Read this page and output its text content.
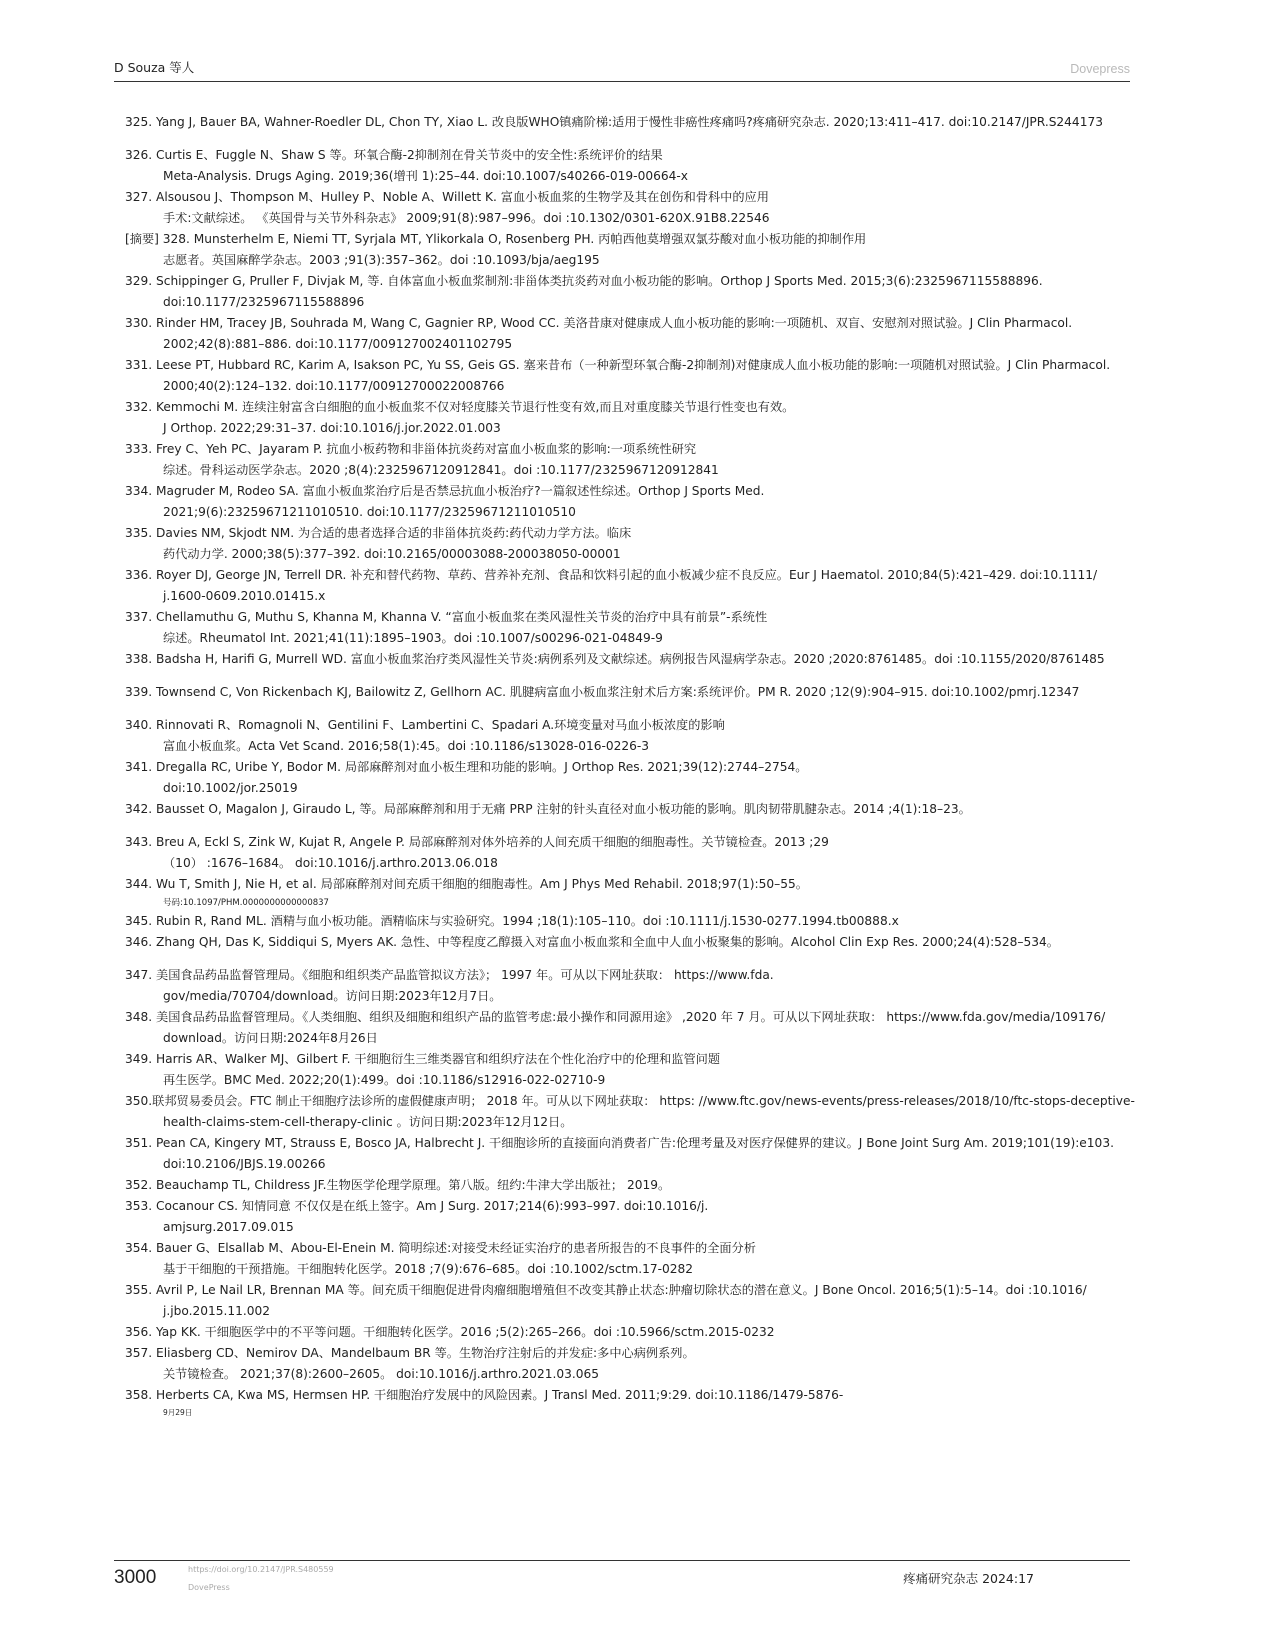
D Souza 等人	Dovepress
325. Yang J, Bauer BA, Wahner-Roedler DL, Chon TY, Xiao L. 改良版WHO镇痛阶梯:适用于慢性非癌性疼痛吗?疼痛研究杂志. 2020;13:411–417. doi:10.2147/JPR.S244173
326. Curtis E、Fuggle N、Shaw S 等。环氧合酶-2抑制剂在骨关节炎中的安全性:系统评价的结果
Meta-Analysis. Drugs Aging. 2019;36(增刊 1):25–44. doi:10.1007/s40266-019-00664-x
327. Alsousou J、Thompson M、Hulley P、Noble A、Willett K. 富血小板血浆的生物学及其在创伤和骨科中的应用
手术:文献综述。 《英国骨与关节外科杂志》 2009;91(8):987–996。doi :10.1302/0301-620X.91B8.22546
[摘要] 328. Munsterhelm E, Niemi TT, Syrjala MT, Ylikorkala O, Rosenberg PH. 丙帕西他莫增强双氯芬酸对血小板功能的抑制作用
志愿者。英国麻醉学杂志。2003 ;91(3):357–362。doi :10.1093/bja/aeg195
329. Schippinger G, Pruller F, Divjak M, 等. 自体富血小板血浆制剂:非甾体类抗炎药对血小板功能的影响。Orthop J Sports Med. 2015;3(6):2325967115588896.
doi:10.1177/2325967115588896
330. Rinder HM, Tracey JB, Souhrada M, Wang C, Gagnier RP, Wood CC. 美洛昔康对健康成人血小板功能的影响:一项随机、双盲、安慰剂对照试验。J Clin Pharmacol.
2002;42(8):881–886. doi:10.1177/009127002401102795
331. Leese PT, Hubbard RC, Karim A, Isakson PC, Yu SS, Geis GS. 塞来昔布（一种新型环氧合酶-2抑制剂)对健康成人血小板功能的影响:一项随机对照试验。J Clin Pharmacol.
2000;40(2):124–132. doi:10.1177/00912700022008766
332. Kemmochi M. 连续注射富含白细胞的血小板血浆不仅对轻度膝关节退行性变有效,而且对重度膝关节退行性变也有效。
J Orthop. 2022;29:31–37. doi:10.1016/j.jor.2022.01.003
333. Frey C、Yeh PC、Jayaram P. 抗血小板药物和非甾体抗炎药对富血小板血浆的影响:一项系统性研究
综述。骨科运动医学杂志。2020 ;8(4):2325967120912841。doi :10.1177/2325967120912841
334. Magruder M, Rodeo SA. 富血小板血浆治疗后是否禁忌抗血小板治疗?一篇叙述性综述。Orthop J Sports Med.
2021;9(6):23259671211010510. doi:10.1177/23259671211010510
335. Davies NM, Skjodt NM. 为合适的患者选择合适的非甾体抗炎药:药代动力学方法。临床
药代动力学. 2000;38(5):377–392. doi:10.2165/00003088-200038050-00001
336. Royer DJ, George JN, Terrell DR. 补充和替代药物、草药、营养补充剂、食品和饮料引起的血小板减少症不良反应。Eur J Haematol. 2010;84(5):421–429. doi:10.1111/
j.1600-0609.2010.01415.x
337. Chellamuthu G, Muthu S, Khanna M, Khanna V. “富血小板血浆在类风湿性关节炎的治疗中具有前景”-系统性
综述。Rheumatol Int. 2021;41(11):1895–1903。doi :10.1007/s00296-021-04849-9
338. Badsha H, Harifi G, Murrell WD. 富血小板血浆治疗类风湿性关节炎:病例系列及文献综述。病例报告风湿病学杂志。2020 ;2020:8761485。doi :10.1155/2020/8761485
339. Townsend C, Von Rickenbach KJ, Bailowitz Z, Gellhorn AC. 肌腱病富血小板血浆注射术后方案:系统评价。PM R. 2020 ;12(9):904–915. doi:10.1002/pmrj.12347
340. Rinnovati R、Romagnoli N、Gentilini F、Lambertini C、Spadari A.环境变量对马血小板浓度的影响
富血小板血浆。Acta Vet Scand. 2016;58(1):45。doi :10.1186/s13028-016-0226-3
341. Dregalla RC, Uribe Y, Bodor M. 局部麻醉剂对血小板生理和功能的影响。J Orthop Res. 2021;39(12):2744–2754。
doi:10.1002/jor.25019
342. Bausset O, Magalon J, Giraudo L, 等。局部麻醉剂和用于无痛 PRP 注射的针头直径对血小板功能的影响。肌肉韧带肌腱杂志。2014 ;4(1):18–23。
343. Breu A, Eckl S, Zink W, Kujat R, Angele P. 局部麻醉剂对体外培养的人间充质干细胞的细胞毒性。关节镜检查。2013 ;29
（10） :1676–1684。 doi:10.1016/j.arthro.2013.06.018
344. Wu T, Smith J, Nie H, et al. 局部麻醉剂对间充质干细胞的细胞毒性。Am J Phys Med Rehabil. 2018;97(1):50–55。
号码:10.1097/PHM.0000000000000837
345. Rubin R, Rand ML. 酒精与血小板功能。酒精临床与实验研究。1994 ;18(1):105–110。doi :10.1111/j.1530-0277.1994.tb00888.x
346. Zhang QH, Das K, Siddiqui S, Myers AK. 急性、中等程度乙醇摄入对富血小板血浆和全血中人血小板聚集的影响。Alcohol Clin Exp Res. 2000;24(4):528–534。
347. 美国食品药品监督管理局。《细胞和组织类产品监管拟议方法》； 1997 年。可从以下网址获取： https://www.fda.
gov/media/70704/download。访问日期:2023年12月7日。
348. 美国食品药品监督管理局。《人类细胞、组织及细胞和组织产品的监管考虑:最小操作和同源用途》 ,2020 年 7 月。可从以下网址获取： https://www.fda.gov/media/109176/
download。访问日期:2024年8月26日
349. Harris AR、Walker MJ、Gilbert F. 干细胞衍生三维类器官和组织疗法在个性化治疗中的伦理和监管问题
再生医学。BMC Med. 2022;20(1):499。doi :10.1186/s12916-022-02710-9
350.联邦贸易委员会。FTC 制止干细胞疗法诊所的虚假健康声明； 2018 年。可从以下网址获取： https: //www.ftc.gov/news-events/press-releases/2018/10/ftc-stops-deceptive-
health-claims-stem-cell-therapy-clinic 。访问日期:2023年12月12日。
351. Pean CA, Kingery MT, Strauss E, Bosco JA, Halbrecht J. 干细胞诊所的直接面向消费者广告:伦理考量及对医疗保健界的建议。J Bone Joint Surg Am. 2019;101(19):e103.
doi:10.2106/JBJS.19.00266
352. Beauchamp TL, Childress JF.生物医学伦理学原理。第八版。纽约:牛津大学出版社； 2019。
353. Cocanour CS. 知情同意 不仅仅是在纸上签字。Am J Surg. 2017;214(6):993–997. doi:10.1016/j.
amjsurg.2017.09.015
354. Bauer G、Elsallab M、Abou-El-Enein M. 简明综述:对接受未经证实治疗的患者所报告的不良事件的全面分析
基于干细胞的干预措施。干细胞转化医学。2018 ;7(9):676–685。doi :10.1002/sctm.17-0282
355. Avril P, Le Nail LR, Brennan MA 等。间充质干细胞促进骨肉瘤细胞增殖但不改变其静止状态:肿瘤切除状态的潜在意义。J Bone Oncol. 2016;5(1):5–14。doi :10.1016/
j.jbo.2015.11.002
356. Yap KK. 干细胞医学中的不平等问题。干细胞转化医学。2016 ;5(2):265–266。doi :10.5966/sctm.2015-0232
357. Eliasberg CD、Nemirov DA、Mandelbaum BR 等。生物治疗注射后的并发症:多中心病例系列。
关节镜检查。 2021;37(8):2600–2605。 doi:10.1016/j.arthro.2021.03.065
358. Herberts CA, Kwa MS, Hermsen HP. 干细胞治疗发展中的风险因素。J Transl Med. 2011;9:29. doi:10.1186/1479-5876-
9月29日
3000	https://doi.org/10.2147/JPR.S480559
DovePress
疼痛研究杂志 2024:17
